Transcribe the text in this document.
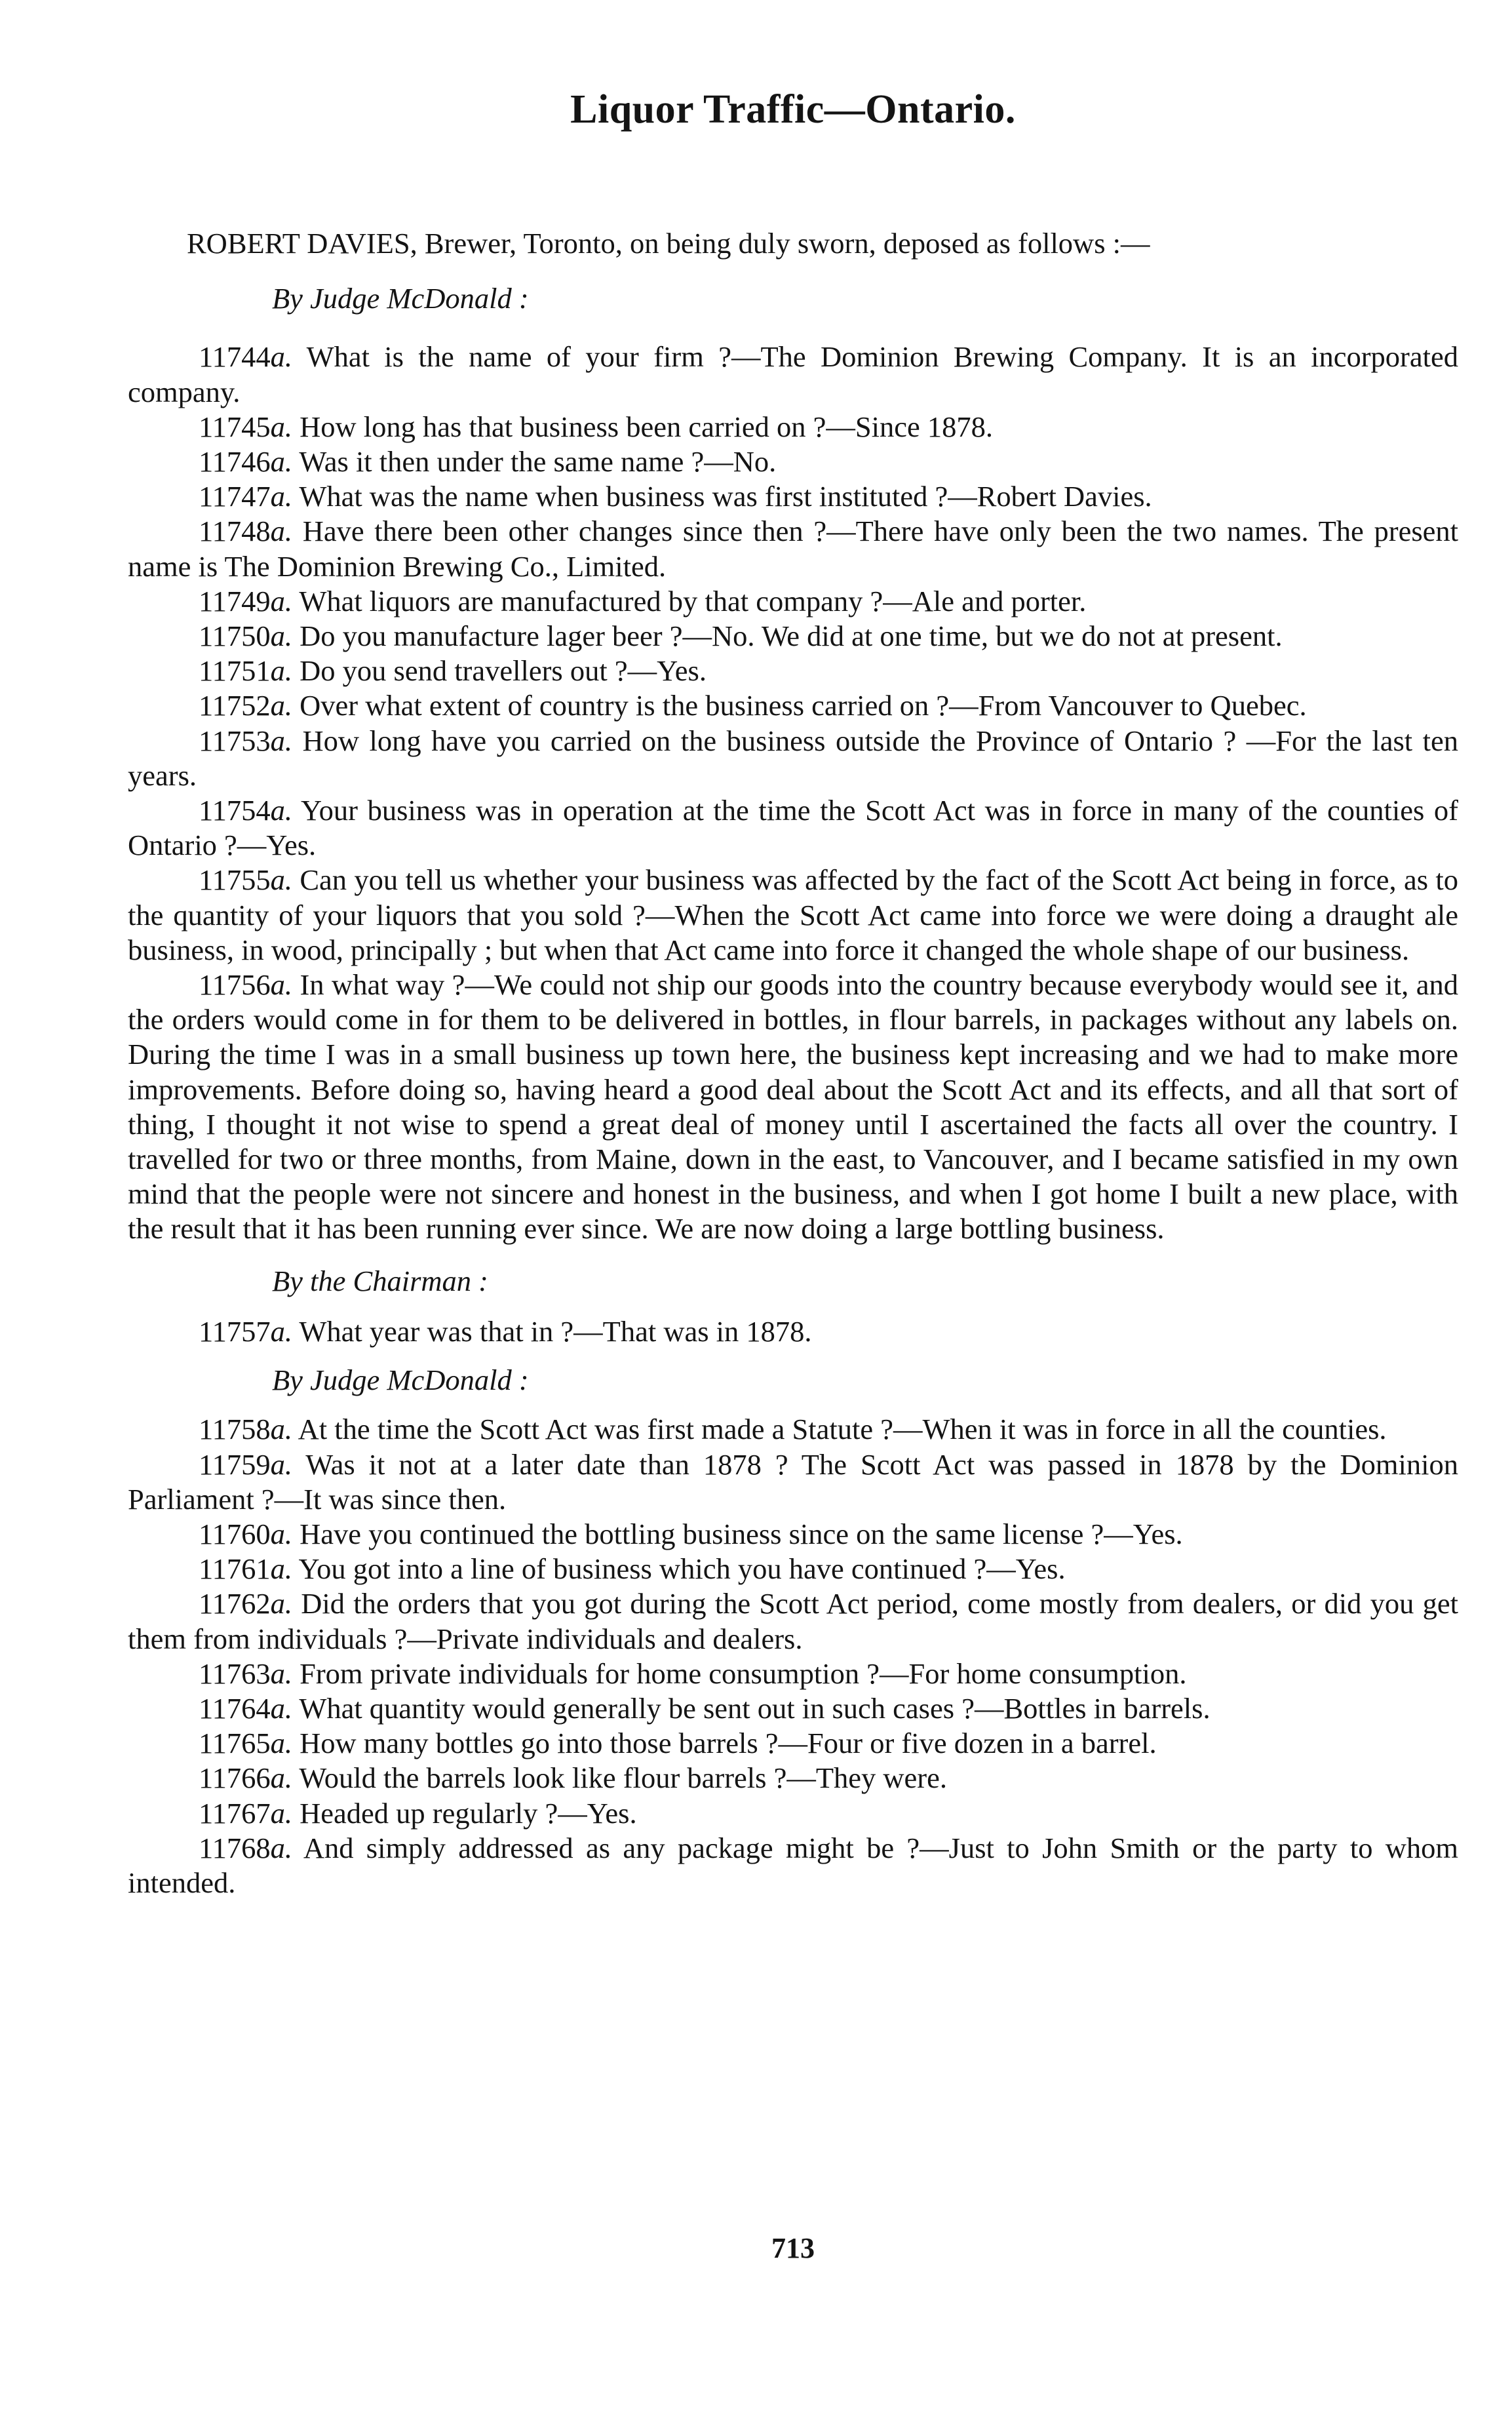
Liquor Traffic—Ontario.

ROBERT DAVIES, Brewer, Toronto, on being duly sworn, deposed as follows :—

By Judge McDonald :

11744a. What is the name of your firm ?—The Dominion Brewing Company. It is an incorporated company.

11745a. How long has that business been carried on ?—Since 1878.

11746a. Was it then under the same name ?—No.

11747a. What was the name when business was first instituted ?—Robert Davies.

11748a. Have there been other changes since then ?—There have only been the two names. The present name is The Dominion Brewing Co., Limited.

11749a. What liquors are manufactured by that company ?—Ale and porter.

11750a. Do you manufacture lager beer ?—No. We did at one time, but we do not at present.

11751a. Do you send travellers out ?—Yes.

11752a. Over what extent of country is the business carried on ?—From Vancouver to Quebec.

11753a. How long have you carried on the business outside the Province of Ontario ? —For the last ten years.

11754a. Your business was in operation at the time the Scott Act was in force in many of the counties of Ontario ?—Yes.

11755a. Can you tell us whether your business was affected by the fact of the Scott Act being in force, as to the quantity of your liquors that you sold ?—When the Scott Act came into force we were doing a draught ale business, in wood, principally ; but when that Act came into force it changed the whole shape of our business.

11756a. In what way ?—We could not ship our goods into the country because everybody would see it, and the orders would come in for them to be delivered in bottles, in flour barrels, in packages without any labels on. During the time I was in a small business up town here, the business kept increasing and we had to make more improvements. Before doing so, having heard a good deal about the Scott Act and its effects, and all that sort of thing, I thought it not wise to spend a great deal of money until I ascertained the facts all over the country. I travelled for two or three months, from Maine, down in the east, to Vancouver, and I became satisfied in my own mind that the people were not sincere and honest in the business, and when I got home I built a new place, with the result that it has been running ever since. We are now doing a large bottling business.

By the Chairman :

11757a. What year was that in ?—That was in 1878.

By Judge McDonald :

11758a. At the time the Scott Act was first made a Statute ?—When it was in force in all the counties.

11759a. Was it not at a later date than 1878 ? The Scott Act was passed in 1878 by the Dominion Parliament ?—It was since then.

11760a. Have you continued the bottling business since on the same license ?—Yes.

11761a. You got into a line of business which you have continued ?—Yes.

11762a. Did the orders that you got during the Scott Act period, come mostly from dealers, or did you get them from individuals ?—Private individuals and dealers.

11763a. From private individuals for home consumption ?—For home consumption.

11764a. What quantity would generally be sent out in such cases ?—Bottles in barrels.

11765a. How many bottles go into those barrels ?—Four or five dozen in a barrel.

11766a. Would the barrels look like flour barrels ?—They were.

11767a. Headed up regularly ?—Yes.

11768a. And simply addressed as any package might be ?—Just to John Smith or the party to whom intended.

713
